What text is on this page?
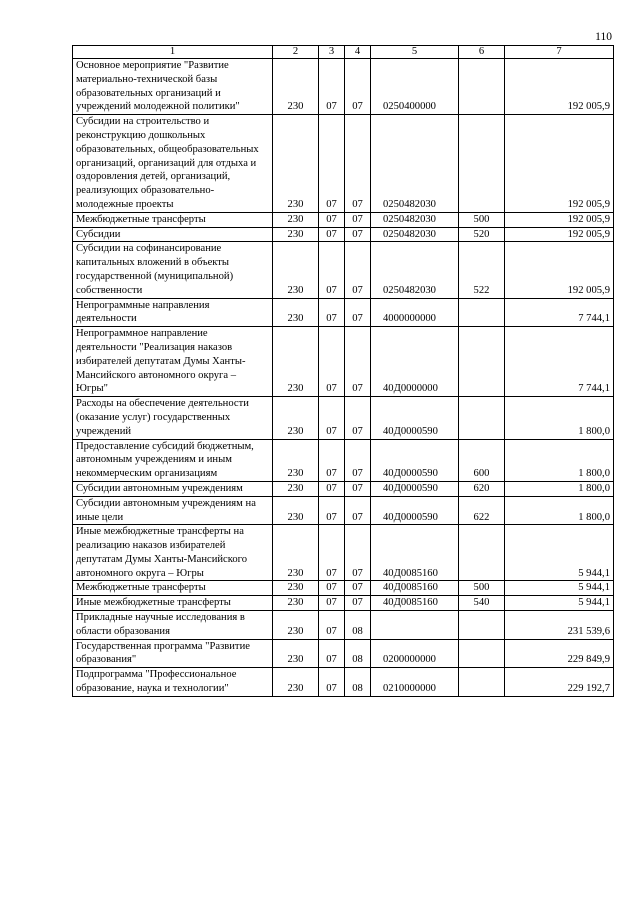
110
1	2	3	4	5	6	7
Основное мероприятие "Развитие материально-технической базы образовательных организаций и учреждений молодежной политики"	230	07	07	0250400000		192 005,9
Субсидии на строительство и реконструкцию дошкольных образовательных, общеобразовательных организаций, организаций для отдыха и оздоровления детей, организаций, реализующих образовательно-молодежные проекты	230	07	07	0250482030		192 005,9
Межбюджетные трансферты	230	07	07	0250482030	500	192 005,9
Субсидии	230	07	07	0250482030	520	192 005,9
Субсидии на софинансирование капитальных вложений в объекты государственной (муниципальной) собственности	230	07	07	0250482030	522	192 005,9
Непрограммные направления деятельности	230	07	07	4000000000		7 744,1
Непрограммное направление деятельности "Реализация наказов избирателей депутатам Думы Ханты-Мансийского автономного округа – Югры"	230	07	07	40Д0000000		7 744,1
Расходы на обеспечение деятельности (оказание услуг) государственных учреждений	230	07	07	40Д0000590		1 800,0
Предоставление субсидий бюджетным, автономным учреждениям и иным некоммерческим организациям	230	07	07	40Д0000590	600	1 800,0
Субсидии автономным учреждениям	230	07	07	40Д0000590	620	1 800,0
Субсидии автономным учреждениям на иные цели	230	07	07	40Д0000590	622	1 800,0
Иные межбюджетные трансферты на реализацию наказов избирателей депутатам Думы Ханты-Мансийского автономного округа – Югры	230	07	07	40Д0085160		5 944,1
Межбюджетные трансферты	230	07	07	40Д0085160	500	5 944,1
Иные межбюджетные трансферты	230	07	07	40Д0085160	540	5 944,1
Прикладные научные исследования в области образования	230	07	08			231 539,6
Государственная программа "Развитие образования"	230	07	08	0200000000		229 849,9
Подпрограмма "Профессиональное образование, наука и технологии"	230	07	08	0210000000		229 192,7
